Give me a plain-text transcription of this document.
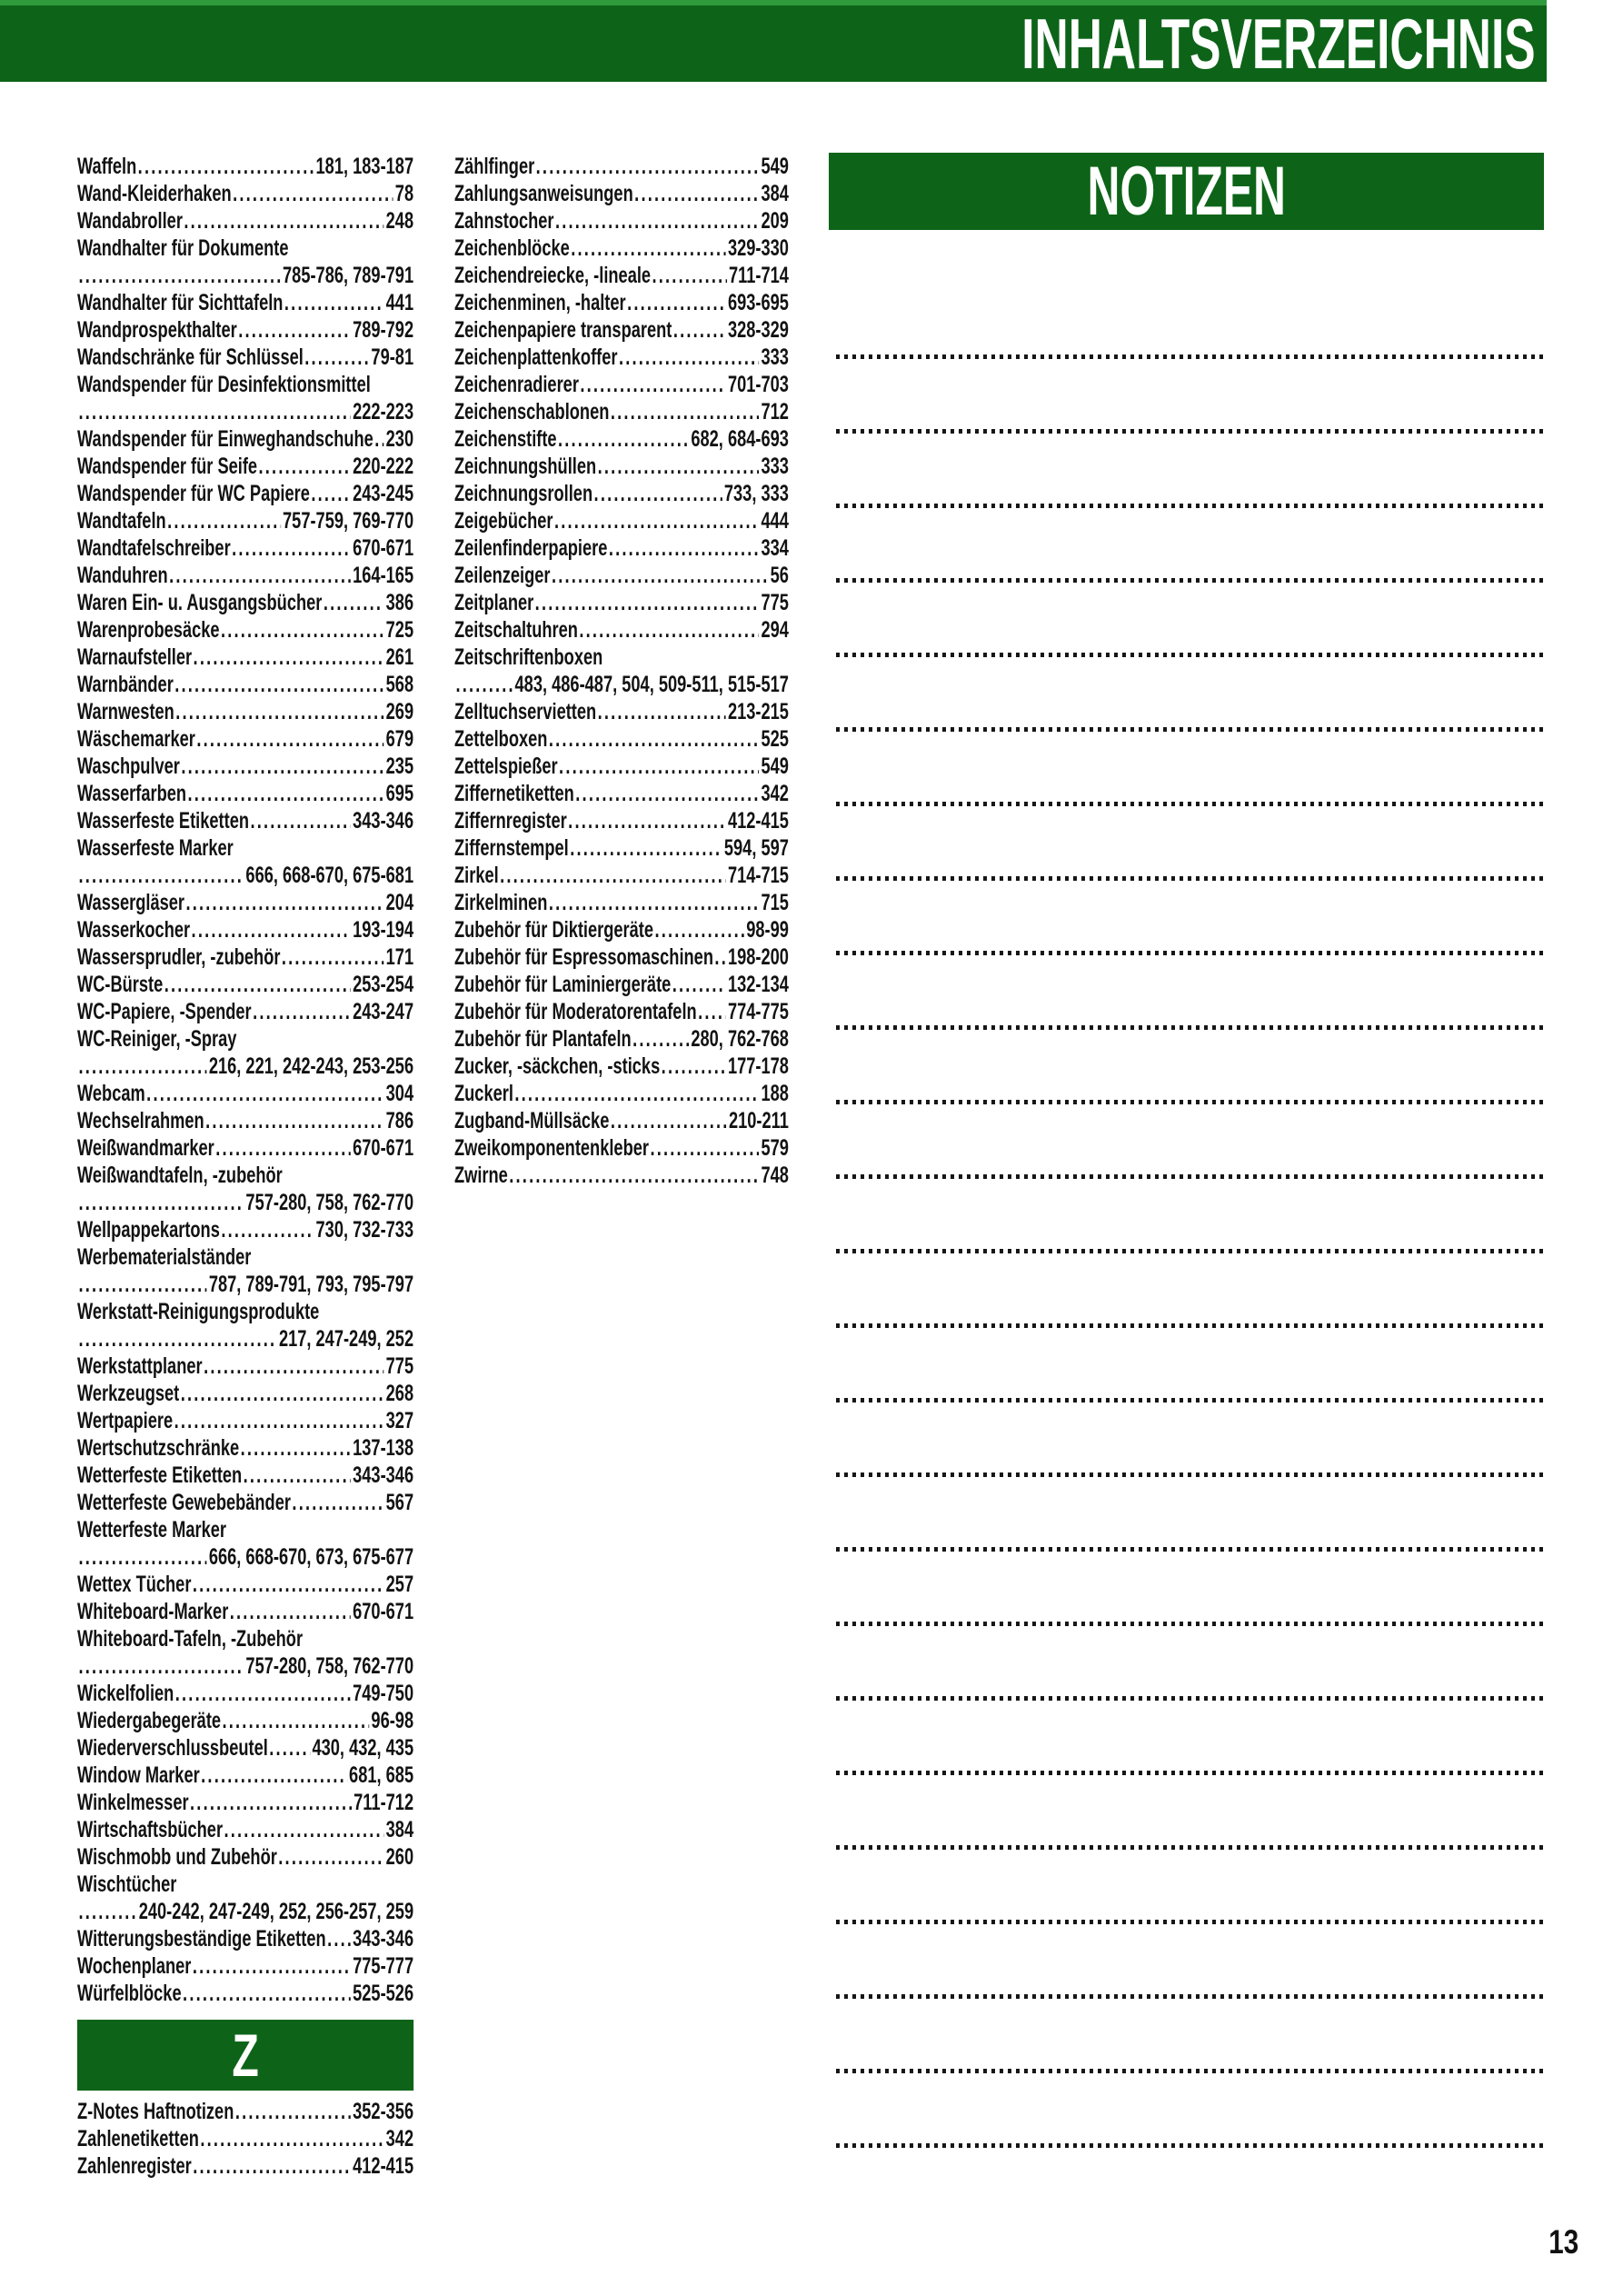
INHALTSVERZEICHNIS
Waffeln .....	181, 183-187
Wand-Kleiderhaken .....	78
Wandabroller .....	248
Wandhalter für Dokumente
.....
785-786, 789-791
Wandhalter für Sichttafeln .....	441
Wandprospekthalter .....	789-792
Wandschränke für Schlüssel .....	79-81
Wandspender für Desinfektionsmittel
.....
222-223
Wandspender für Einweghandschuhe ..... 230
Wandspender für Seife .....	220-222
Wandspender für WC Papiere ..... 243-245
Wandtafeln .....	757-759, 769-770
Wandtafelschreiber .....	670-671
Wanduhren .....	164-165
Waren Ein- u. Ausgangsbücher .....	386
Warenprobesäcke .....	725
Warnaufsteller .....	261
Warnbänder .....	568
Warnwesten .....	269
Wäschemarker .....	679
Waschpulver .....	235
Wasserfarben .....	695
Wasserfeste Etiketten .....	343-346
Wasserfeste Marker
.....
666, 668-670, 675-681
Wassergläser .....	204
Wasserkocher .....	193-194
Wassersprudler, -zubehör .....	171
WC-Bürste .....	253-254
WC-Papiere, -Spender .....	243-247
WC-Reiniger, -Spray
.....
216, 221, 242-243, 253-256
Webcam .....	304
Wechselrahmen .....	786
Weißwandmarker .....	670-671
Weißwandtafeln, -zubehör
.....
757-280, 758, 762-770
Wellpappekartons .....	730, 732-733
Werbematerialständer
.....
787, 789-791, 793, 795-797
Werkstatt-Reinigungsprodukte
.....
217, 247-249, 252
Werkstattplaner .....	775
Werkzeugset .....	268
Wertpapiere .....	327
Wertschutzschränke .....	137-138
Wetterfeste Etiketten .....	343-346
Wetterfeste Gewebebänder .....	567
Wetterfeste Marker
.....
666, 668-670, 673, 675-677
Wettex Tücher .....	257
Whiteboard-Marker .....	670-671
Whiteboard-Tafeln, -Zubehör
.....
757-280, 758, 762-770
Wickelfolien .....	749-750
Wiedergabegeräte .....	96-98
Wiederverschlussbeutel ..... 430, 432, 435
Window Marker .....	681, 685
Winkelmesser .....	711-712
Wirtschaftsbücher .....	384
Wischmobb und Zubehör .....	260
Wischtücher
.....
240-242, 247-249, 252, 256-257, 259
Witterungsbeständige Etiketten ..... 343-346
Wochenplaner .....	775-777
Würfelblöcke .....	525-526
Z
Z-Notes Haftnotizen .....	352-356
Zahlenetiketten .....	342
Zahlenregister .....	412-415
Zählfinger .....	549
Zahlungsanweisungen .....	384
Zahnstocher .....	209
Zeichenblöcke .....	329-330
Zeichendreiecke, -lineale .....	711-714
Zeichenminen, -halter .....	693-695
Zeichenpapiere transparent ..... 328-329
Zeichenplattenkoffer .....	333
Zeichenradierer .....	701-703
Zeichenschablonen .....	712
Zeichenstifte .....	682, 684-693
Zeichnungshüllen .....	333
Zeichnungsrollen .....	733, 333
Zeigebücher .....	444
Zeilenfinderpapiere .....	334
Zeilenzeiger .....	56
Zeitplaner .....	775
Zeitschaltuhren .....	294
Zeitschriftenboxen
.....
483, 486-487, 504, 509-511, 515-517
Zelltuchservietten .....	213-215
Zettelboxen .....	525
Zettelspießer .....	549
Ziffernetiketten .....	342
Ziffernregister .....	412-415
Ziffernstempel .....	594, 597
Zirkel .....	714-715
Zirkelminen .....	715
Zubehör für Diktiergeräte .....	98-99
Zubehör für Espressomaschinen ..... 198-200
Zubehör für Laminiergeräte .....	132-134
Zubehör für Moderatorentafeln ..... 774-775
Zubehör für Plantafeln .....	280, 762-768
Zucker, -säckchen, -sticks .....	177-178
Zuckerl .....	188
Zugband-Müllsäcke .....	210-211
Zweikomponentenkleber .....	579
Zwirne .....	748
NOTIZEN
13
